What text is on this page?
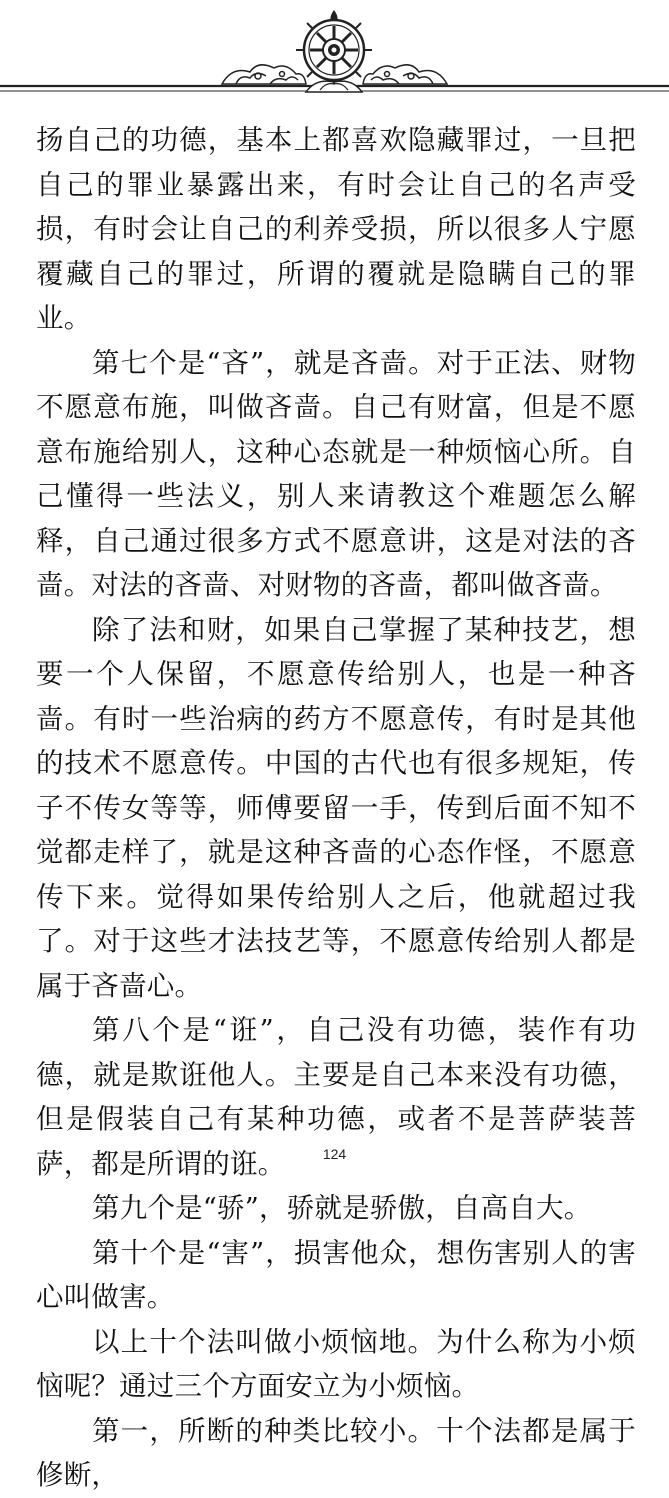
扬自己的功德，基本上都喜欢隐藏罪过，一旦把自己的罪业暴露出来，有时会让自己的名声受损，有时会让自己的利养受损，所以很多人宁愿覆藏自己的罪过，所谓的覆就是隐瞒自己的罪业。

第七个是“吝”，就是吝啬。对于正法、财物不愿意布施，叫做吝啬。自己有财富，但是不愿意布施给别人，这种心态就是一种烦恼心所。自己懂得一些法义，别人来请教这个难题怎么解释，自己通过很多方式不愿意讲，这是对法的吝啬。对法的吝啬、对财物的吝啬，都叫做吝啬。

除了法和财，如果自己掌握了某种技艺，想要一个人保留，不愿意传给别人，也是一种吝啬。有时一些治病的药方不愿意传，有时是其他的技术不愿意传。中国的古代也有很多规矩，传子不传女等等，师傅要留一手，传到后面不知不觉都走样了，就是这种吝啬的心态作怪，不愿意传下来。觉得如果传给别人之后，他就超过我了。对于这些才法技艺等，不愿意传给别人都是属于吝啬心。

第八个是“诳”，自己没有功德，装作有功德，就是欺诳他人。主要是自己本来没有功德，但是假装自己有某种功德，或者不是菩萨装菩萨，都是所谓的诳。

第九个是“骄”，骄就是骄傲，自高自大。

第十个是“害”，损害他众，想伤害别人的害心叫做害。

以上十个法叫做小烦恼地。为什么称为小烦恼呢？通过三个方面安立为小烦恼。

第一，所断的种类比较小。十个法都是属于修断，

124
